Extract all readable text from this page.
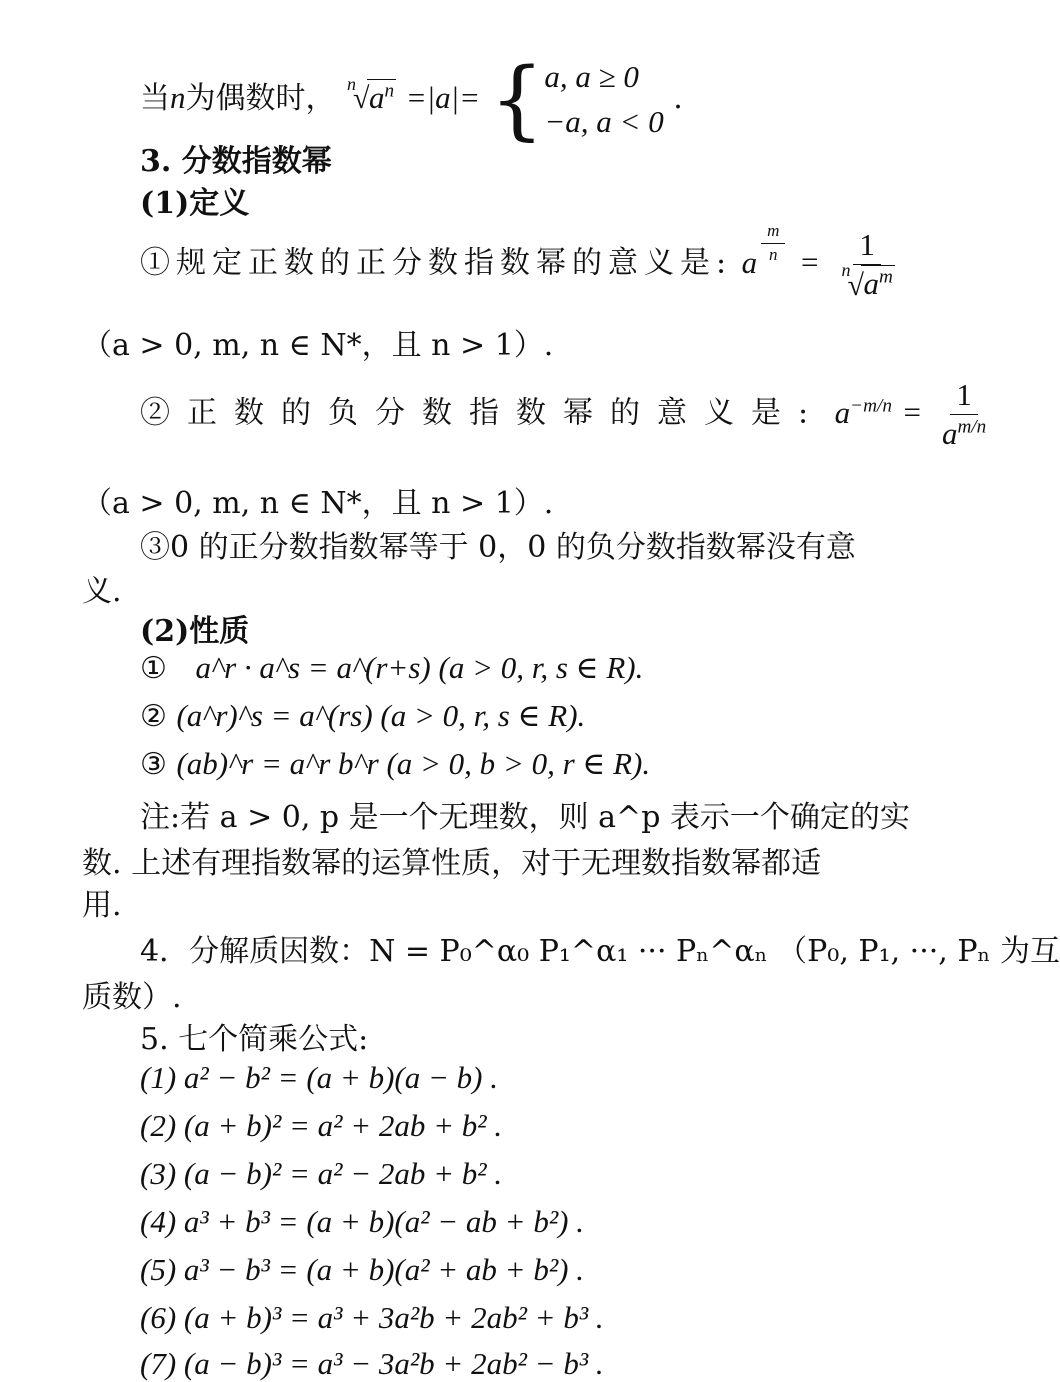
当n为偶数时， n
√ $a^n =|a|=$ { a, a ≥ 0
−a, a < 0
.
3. 分数指数幂
(1)定义
①规定正数的正分数指数幂的意义是: a $\frac{m}{n} = 1$
n
√ $a^m$
（a > 0, m, n ∈ N*，且 n > 1）.
②正数的负分数指数幂的意义是: $a^{-m/n} = \frac{1}{a^{m/n}}$
（a > 0, m, n ∈ N*，且 n > 1）.
③0 的正分数指数幂等于 0，0 的负分数指数幂没有意
义.
(2)性质
① a^r · a^s = a^(r+s) (a > 0, r, s ∈ R).
② (a^r)^s = a^(rs) (a > 0, r, s ∈ R).
③ (ab)^r = a^r b^r (a > 0, b > 0, r ∈ R).
注:若 a > 0, p 是一个无理数，则 a^p 表示一个确定的实
数. 上述有理指数幂的运算性质，对于无理数指数幂都适
用.
4．分解质因数：N = P₀^α₀ P₁^α₁ ··· Pₙ^αₙ （P₀, P₁, ···, Pₙ 为互
质数）.
5. 七个简乘公式:
(1) a² − b² = (a + b)(a − b) .
(2) (a + b)² = a² + 2ab + b² .
(3) (a − b)² = a² − 2ab + b² .
(4) a³ + b³ = (a + b)(a² − ab + b²) .
(5) a³ − b³ = (a + b)(a² + ab + b²) .
(6) (a + b)³ = a³ + 3a²b + 2ab² + b³ .
(7) (a − b)³ = a³ − 3a²b + 2ab² − b³ .
